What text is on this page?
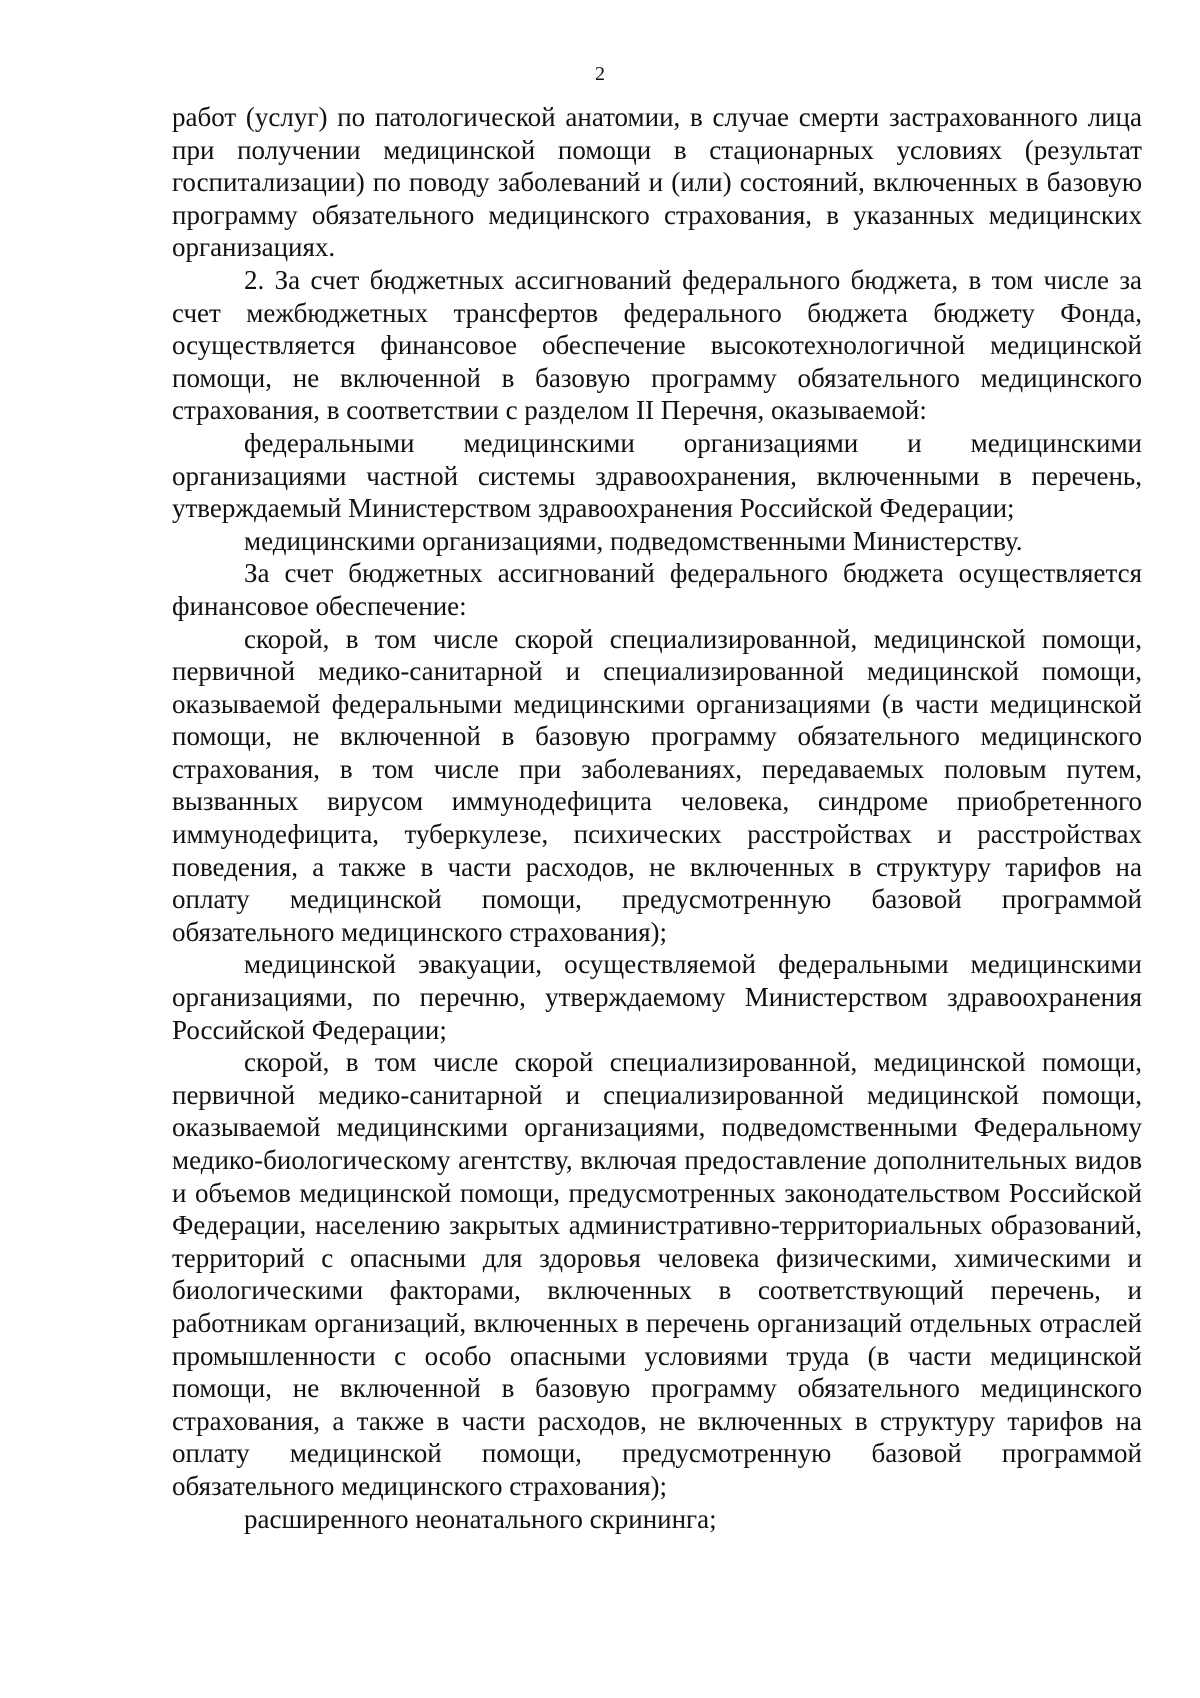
2

работ (услуг) по патологической анатомии, в случае смерти застрахованного лица при получении медицинской помощи в стационарных условиях (результат госпитализации) по поводу заболеваний и (или) состояний, включенных в базовую программу обязательного медицинского страхования, в указанных медицинских организациях.

2. За счет бюджетных ассигнований федерального бюджета, в том числе за счет межбюджетных трансфертов федерального бюджета бюджету Фонда, осуществляется финансовое обеспечение высокотехнологичной медицинской помощи, не включенной в базовую программу обязательного медицинского страхования, в соответствии с разделом II Перечня, оказываемой:

федеральными медицинскими организациями и медицинскими организациями частной системы здравоохранения, включенными в перечень, утверждаемый Министерством здравоохранения Российской Федерации;

медицинскими организациями, подведомственными Министерству.

За счет бюджетных ассигнований федерального бюджета осуществляется финансовое обеспечение:

скорой, в том числе скорой специализированной, медицинской помощи, первичной медико-санитарной и специализированной медицинской помощи, оказываемой федеральными медицинскими организациями (в части медицинской помощи, не включенной в базовую программу обязательного медицинского страхования, в том числе при заболеваниях, передаваемых половым путем, вызванных вирусом иммунодефицита человека, синдроме приобретенного иммунодефицита, туберкулезе, психических расстройствах и расстройствах поведения, а также в части расходов, не включенных в структуру тарифов на оплату медицинской помощи, предусмотренную базовой программой обязательного медицинского страхования);

медицинской эвакуации, осуществляемой федеральными медицинскими организациями, по перечню, утверждаемому Министерством здравоохранения Российской Федерации;

скорой, в том числе скорой специализированной, медицинской помощи, первичной медико-санитарной и специализированной медицинской помощи, оказываемой медицинскими организациями, подведомственными Федеральному медико-биологическому агентству, включая предоставление дополнительных видов и объемов медицинской помощи, предусмотренных законодательством Российской Федерации, населению закрытых административно-территориальных образований, территорий с опасными для здоровья человека физическими, химическими и биологическими факторами, включенных в соответствующий перечень, и работникам организаций, включенных в перечень организаций отдельных отраслей промышленности с особо опасными условиями труда (в части медицинской помощи, не включенной в базовую программу обязательного медицинского страхования, а также в части расходов, не включенных в структуру тарифов на оплату медицинской помощи, предусмотренную базовой программой обязательного медицинского страхования);

расширенного неонатального скрининга;
